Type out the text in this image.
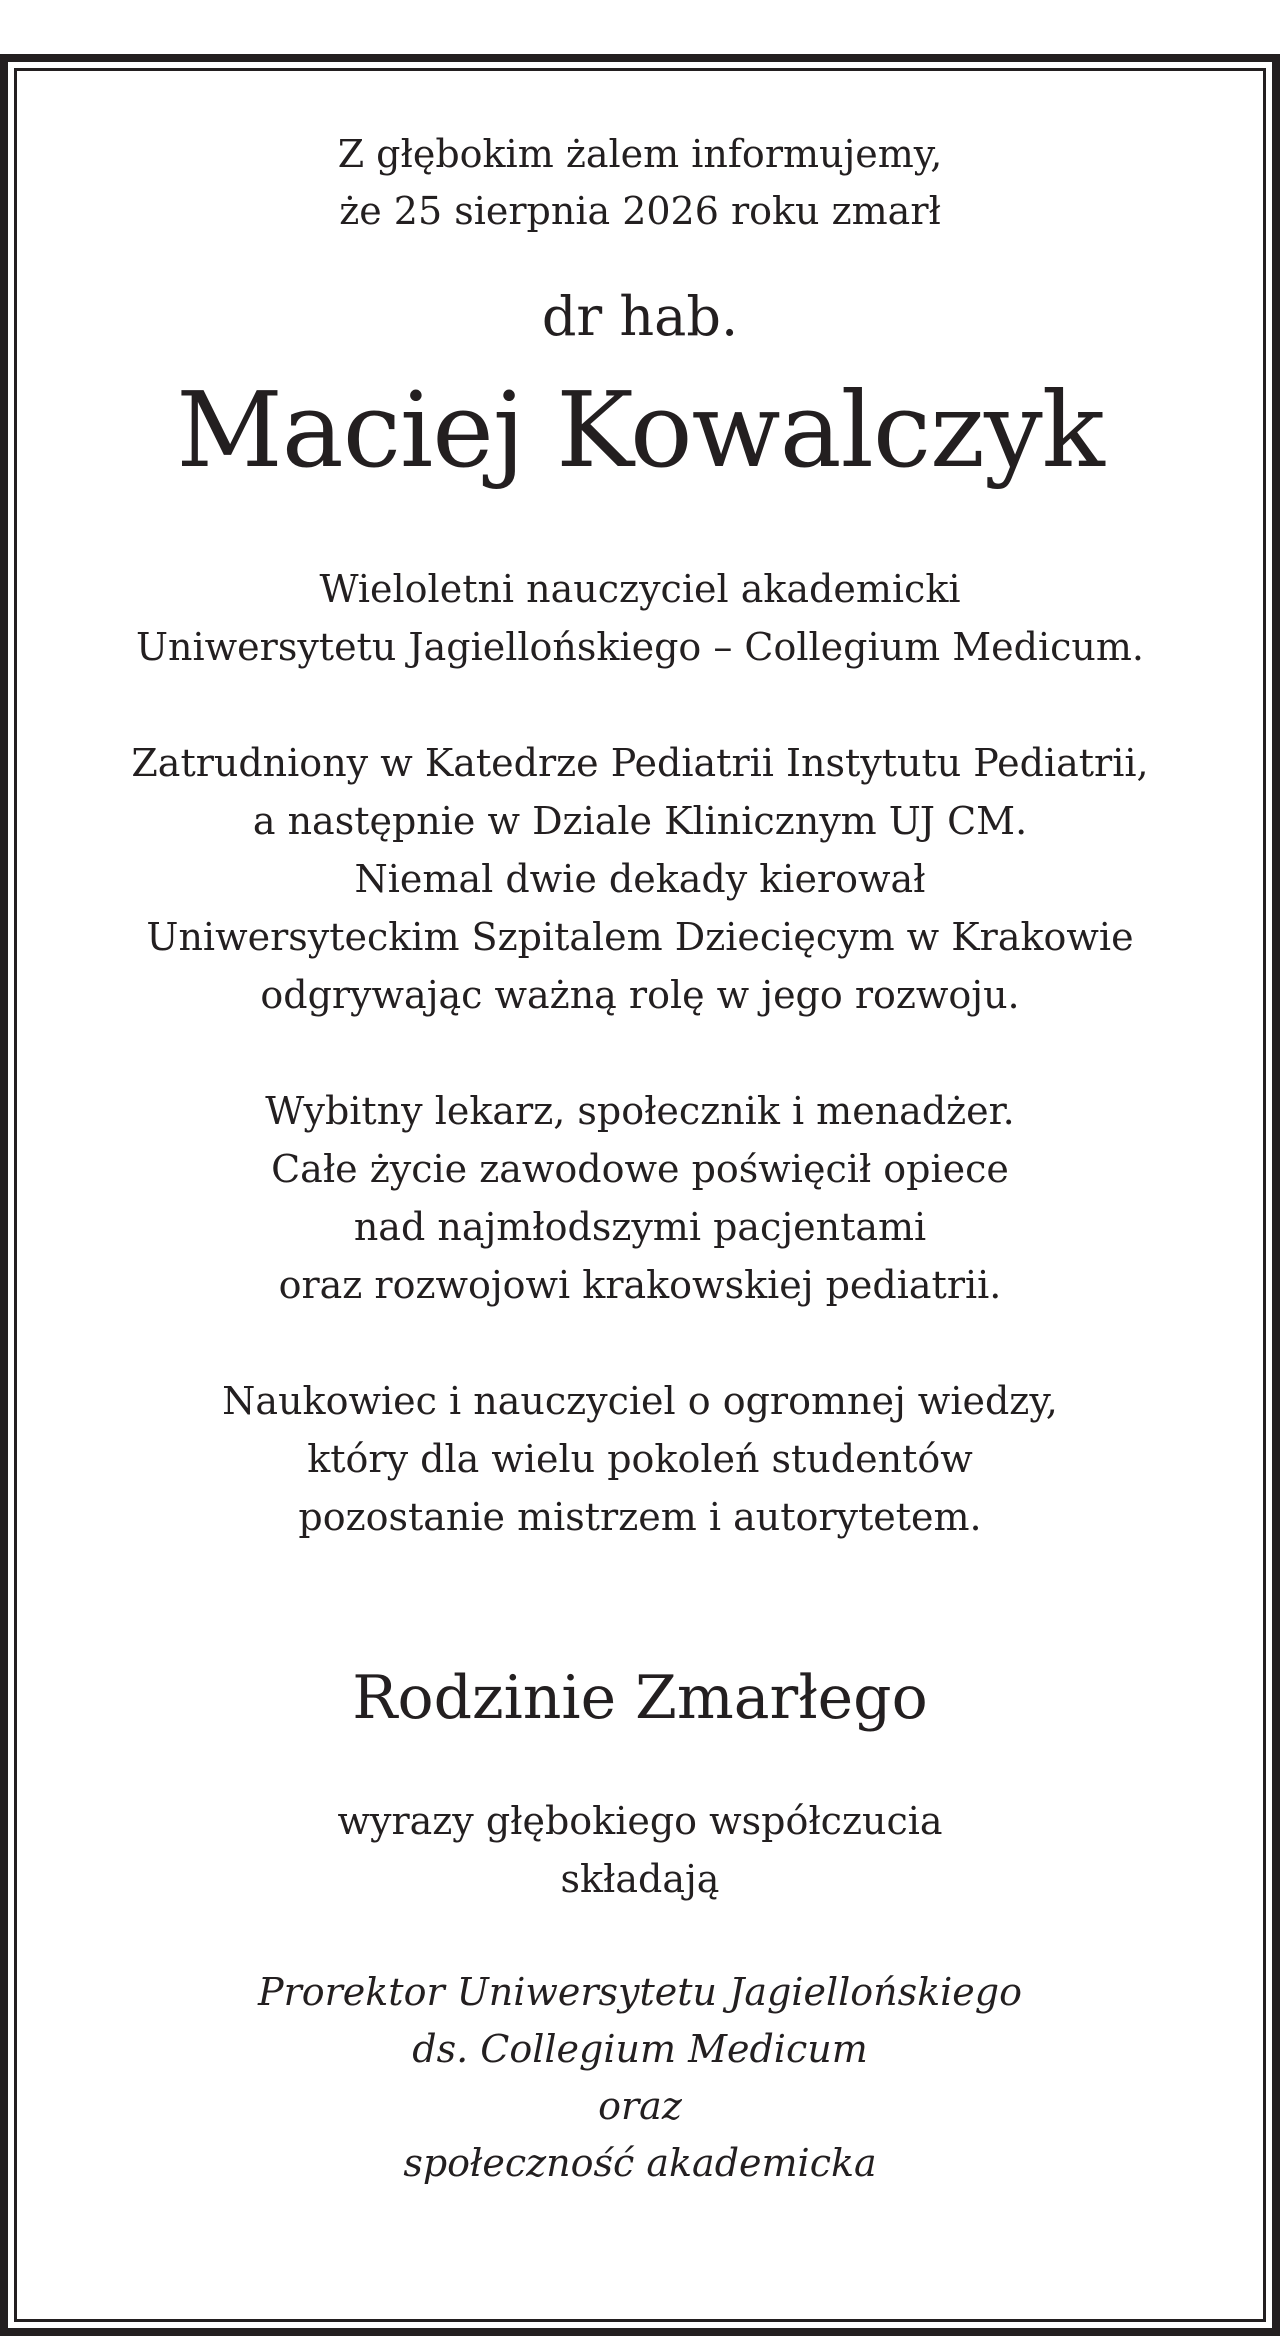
Z głębokim żalem informujemy,
że 25 sierpnia 2026 roku zmarł

dr hab.

Maciej Kowalczyk

Wieloletni nauczyciel akademicki
Uniwersytetu Jagiellońskiego – Collegium Medicum.

Zatrudniony w Katedrze Pediatrii Instytutu Pediatrii,
a następnie w Dziale Klinicznym UJ CM.
Niemal dwie dekady kierował
Uniwersyteckim Szpitalem Dziecięcym w Krakowie
odgrywając ważną rolę w jego rozwoju.

Wybitny lekarz, społecznik i menadżer.
Całe życie zawodowe poświęcił opiece
nad najmłodszymi pacjentami
oraz rozwojowi krakowskiej pediatrii.

Naukowiec i nauczyciel o ogromnej wiedzy,
który dla wielu pokoleń studentów
pozostanie mistrzem i autorytetem.

Rodzinie Zmarłego

wyrazy głębokiego współczucia
składają

Prorektor Uniwersytetu Jagiellońskiego
ds. Collegium Medicum
oraz
społeczność akademicka
